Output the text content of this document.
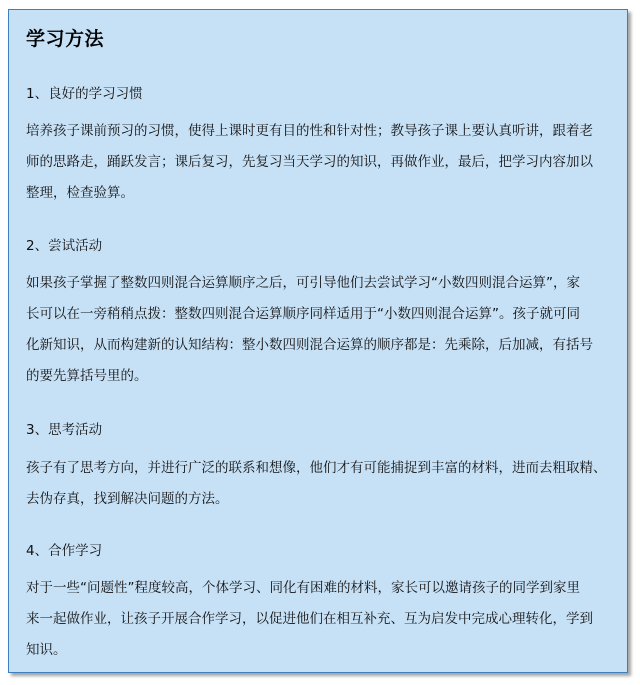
学习方法
1、良好的学习习惯
培养孩子课前预习的习惯，使得上课时更有目的性和针对性；教导孩子课上要认真听讲，跟着老
师的思路走，踊跃发言；课后复习，先复习当天学习的知识，再做作业，最后，把学习内容加以
整理，检查验算。
2、尝试活动
如果孩子掌握了整数四则混合运算顺序之后，可引导他们去尝试学习“小数四则混合运算”，家
长可以在一旁稍稍点拨：整数四则混合运算顺序同样适用于“小数四则混合运算”。孩子就可同
化新知识，从而构建新的认知结构：整小数四则混合运算的顺序都是：先乘除，后加减，有括号
的要先算括号里的。
3、思考活动
孩子有了思考方向，并进行广泛的联系和想像，他们才有可能捕捉到丰富的材料，进而去粗取精、
去伪存真，找到解决问题的方法。
4、合作学习
对于一些“问题性”程度较高，个体学习、同化有困难的材料，家长可以邀请孩子的同学到家里
来一起做作业，让孩子开展合作学习，以促进他们在相互补充、互为启发中完成心理转化，学到
知识。
